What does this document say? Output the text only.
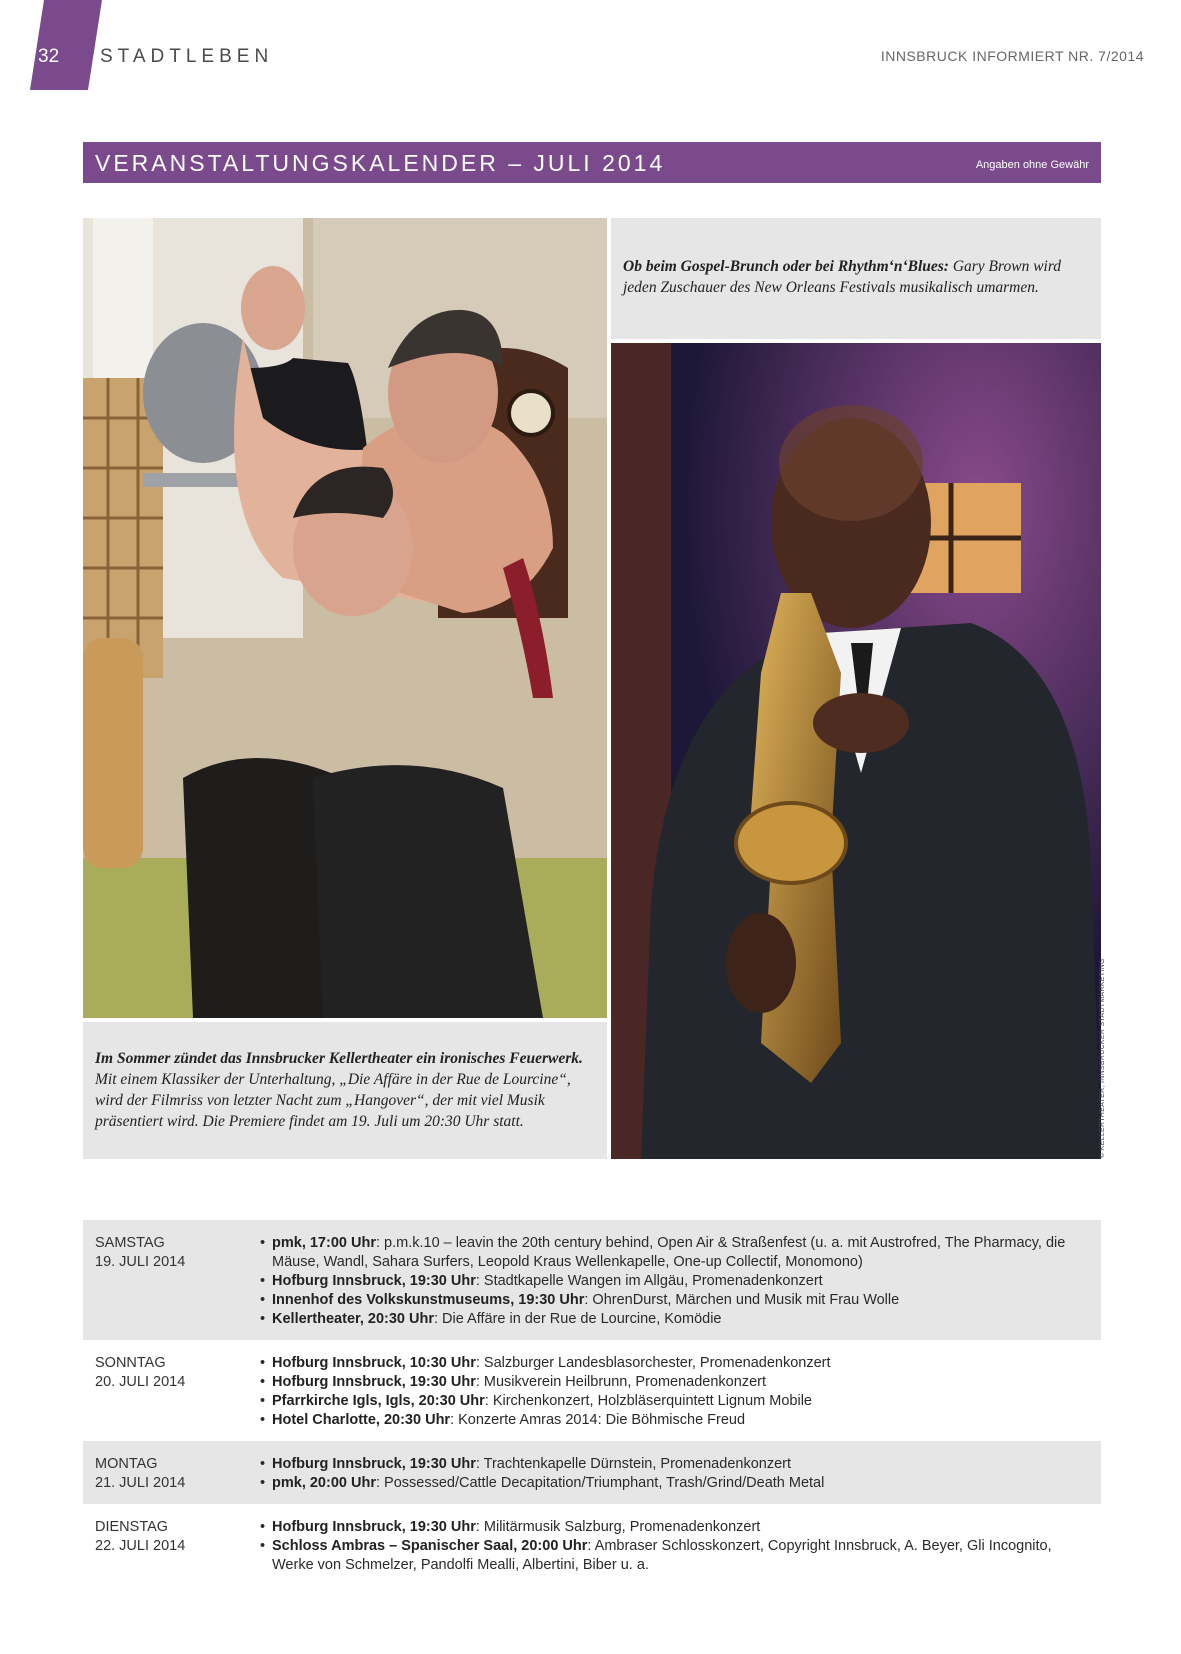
32	STADTLEBEN	INNSBRUCK INFORMIERT NR. 7/2014
VERANSTALTUNGSKALENDER – JULI 2014	Angaben ohne Gewähr
Ob beim Gospel-Brunch oder bei Rhythm‘n‘Blues: Gary Brown wird jeden Zuschauer des New Orleans Festivals musikalisch umarmen.
Im Sommer zündet das Innsbrucker Kellertheater ein ironisches Feuerwerk. Mit einem Klassiker der Unterhaltung, „Die Affäre in der Rue de Lourcine“, wird der Filmriss von letzter Nacht zum „Hangover“, der mit viel Musik präsentiert wird. Die Premiere findet am 19. Juli um 20:30 Uhr statt.	© KELLERTHEATER, INNSBRUCKER STADTMARKETING
SAMSTAG
19. JULI 2014
• pmk, 17:00 Uhr: p.m.k.10 – leavin the 20th century behind, Open Air & Straßenfest (u. a. mit Austrofred, The Pharmacy, die Mäuse, Wandl, Sahara Surfers, Leopold Kraus Wellenkapelle, One-up Collectif, Monomono)
• Hofburg Innsbruck, 19:30 Uhr: Stadtkapelle Wangen im Allgäu, Promenadenkonzert
• Innenhof des Volkskunstmuseums, 19:30 Uhr: OhrenDurst, Märchen und Musik mit Frau Wolle
• Kellertheater, 20:30 Uhr: Die Affäre in der Rue de Lourcine, Komödie
SONNTAG
20. JULI 2014
• Hofburg Innsbruck, 10:30 Uhr: Salzburger Landesblasorchester, Promenadenkonzert
• Hofburg Innsbruck, 19:30 Uhr: Musikverein Heilbrunn, Promenadenkonzert
• Pfarrkirche Igls, Igls, 20:30 Uhr: Kirchenkonzert, Holzbläserquintett Lignum Mobile
• Hotel Charlotte, 20:30 Uhr: Konzerte Amras 2014: Die Böhmische Freud
MONTAG
21. JULI 2014
• Hofburg Innsbruck, 19:30 Uhr: Trachtenkapelle Dürnstein, Promenadenkonzert
• pmk, 20:00 Uhr: Possessed/Cattle Decapitation/Triumphant, Trash/Grind/Death Metal
DIENSTAG
22. JULI 2014
• Hofburg Innsbruck, 19:30 Uhr: Militärmusik Salzburg, Promenadenkonzert
• Schloss Ambras – Spanischer Saal, 20:00 Uhr: Ambraser Schlosskonzert, Copyright Innsbruck, A. Beyer, Gli Incognito, Werke von Schmelzer, Pandolfi Mealli, Albertini, Biber u. a.
